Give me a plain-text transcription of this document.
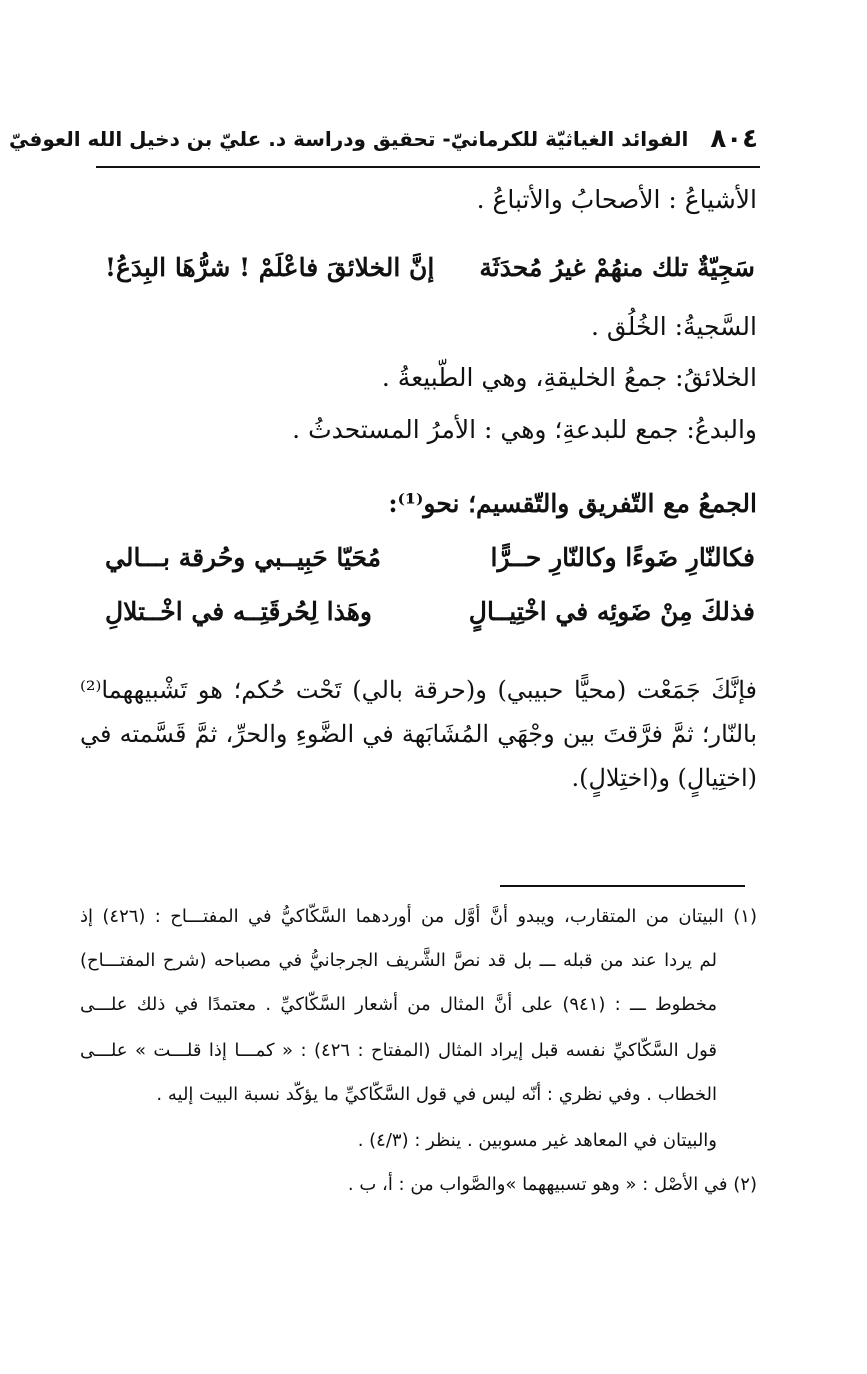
٨٠٤
الفوائد الغياثيّة للكرمانيّ- تحقيق ودراسة د. عليّ بن دخيل الله العوفيّ
الأشياعُ : الأصحابُ والأتباعُ .
سَجِيّةٌ تلك منهُمْ غيرُ مُحدَثَة
إنَّ الخلائقَ فاعْلَمْ ! شرُّهَا البِدَعُ!
السَّجيةُ: الخُلُق .
الخلائقُ: جمعُ الخليقةِ، وهي الطّبيعةُ .
والبدعُ: جمع للبدعةِ؛ وهي : الأمرُ المستحدثُ .
الجمعُ مع التّفريق والتّقسيم؛ نحو⁽¹⁾:
فكالنّارِ ضَوءًا وكالنّارِ حــرًّا
مُحَيّا حَبِيــبي وحُرقة بـــالي
فذلكَ مِنْ ضَوئِه في اخْتِيــالٍ
وهَذا لِحُرقَتِــه في اخْــتلالِ
فإنَّكَ جَمَعْت (محيًّا حبيبي) و(حرقة بالي) تَحْت حُكم؛ هو تَشْبيههما⁽²⁾ بالنّار؛ ثمَّ فرَّقتَ بين وجْهَي المُشَابَهة في الضَّوءِ والحرِّ، ثمَّ قَسَّمته في (اختِيالٍ) و(اختِلالٍ).
(١) البيتان من المتقارب، ويبدو أنَّ أوَّل من أوردهما السَّكّاكيُّ في المفتـــاح : (٤٢٦) إذ
لم يردا عند من قبله ـــ بل قد نصَّ الشَّريف الجرجانيُّ في مصباحه (شرح المفتـــاح)
مخطوط ـــ : (٩٤١) على أنَّ المثال من أشعار السَّكّاكيِّ . معتمدًا في ذلك علـــى
قول السَّكّاكيِّ نفسه قبل إيراد المثال (المفتاح : ٤٢٦) : « كمـــا إذا قلـــت » علـــى
الخطاب . وفي نظري : أنّه ليس في قول السَّكّاكيِّ ما يؤكّد نسبة البيت إليه .
والبيتان في المعاهد غير مسوبين . ينظر : (٤/٣) .
(٢) في الأصْل : « وهو تسبيههما »والصَّواب من : أ، ب .
